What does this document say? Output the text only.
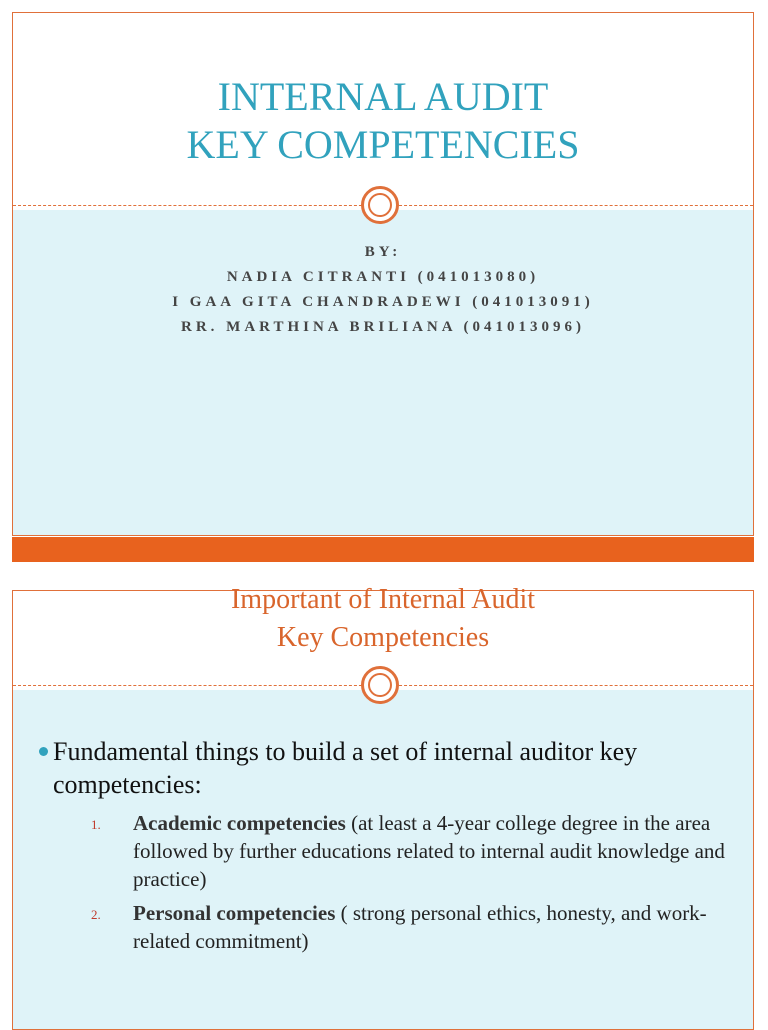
INTERNAL AUDIT
KEY COMPETENCIES
BY:
NADIA CITRANTI (041013080)
I GAA GITA CHANDRADEWI (041013091)
RR. MARTHINA BRILIANA (041013096)
Important of Internal Audit
Key Competencies
Fundamental things to build a set of internal auditor key competencies:
1. Academic competencies (at least a 4-year college degree in the area followed by further educations related to internal audit knowledge and practice)
2. Personal competencies ( strong personal ethics, honesty, and work-related commitment)
